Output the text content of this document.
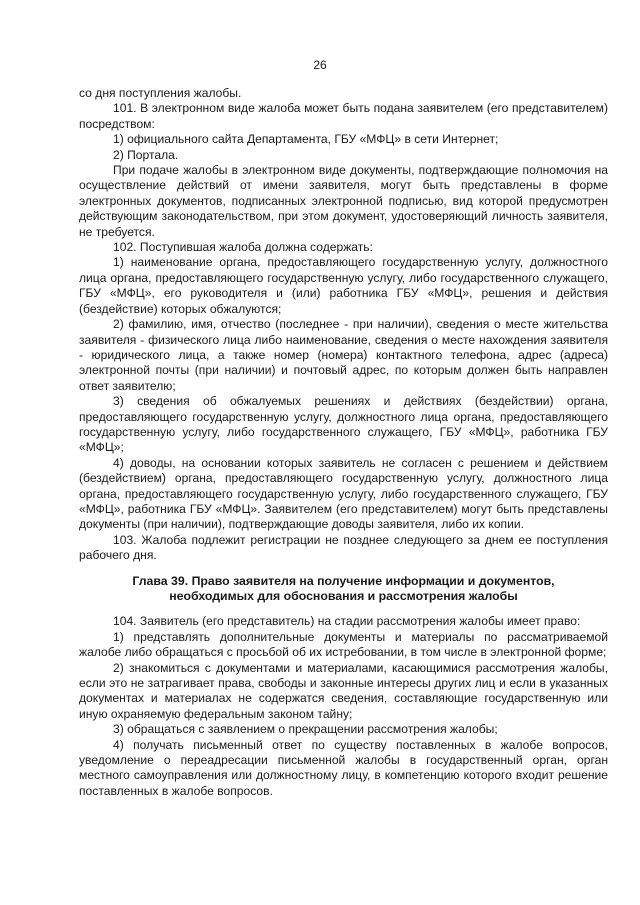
26

со дня поступления жалобы.

101. В электронном виде жалоба может быть подана заявителем (его представителем) посредством:

1) официального сайта Департамента, ГБУ «МФЦ» в сети Интернет;

2) Портала.

При подаче жалобы в электронном виде документы, подтверждающие полномочия на осуществление действий от имени заявителя, могут быть представлены в форме электронных документов, подписанных электронной подписью, вид которой предусмотрен действующим законодательством, при этом документ, удостоверяющий личность заявителя, не требуется.

102. Поступившая жалоба должна содержать:

1) наименование органа, предоставляющего государственную услугу, должностного лица органа, предоставляющего государственную услугу, либо государственного служащего, ГБУ «МФЦ», его руководителя и (или) работника ГБУ «МФЦ», решения и действия (бездействие) которых обжалуются;

2) фамилию, имя, отчество (последнее - при наличии), сведения о месте жительства заявителя - физического лица либо наименование, сведения о месте нахождения заявителя - юридического лица, а также номер (номера) контактного телефона, адрес (адреса) электронной почты (при наличии) и почтовый адрес, по которым должен быть направлен ответ заявителю;

3) сведения об обжалуемых решениях и действиях (бездействии) органа, предоставляющего государственную услугу, должностного лица органа, предоставляющего государственную услугу, либо государственного служащего, ГБУ «МФЦ», работника ГБУ «МФЦ»;

4) доводы, на основании которых заявитель не согласен с решением и действием (бездействием) органа, предоставляющего государственную услугу, должностного лица органа, предоставляющего государственную услугу, либо государственного служащего, ГБУ «МФЦ», работника ГБУ «МФЦ». Заявителем (его представителем) могут быть представлены документы (при наличии), подтверждающие доводы заявителя, либо их копии.

103. Жалоба подлежит регистрации не позднее следующего за днем ее поступления рабочего дня.

Глава 39. Право заявителя на получение информации и документов,
необходимых для обоснования и рассмотрения жалобы

104. Заявитель (его представитель) на стадии рассмотрения жалобы имеет право:

1) представлять дополнительные документы и материалы по рассматриваемой жалобе либо обращаться с просьбой об их истребовании, в том числе в электронной форме;

2) знакомиться с документами и материалами, касающимися рассмотрения жалобы, если это не затрагивает права, свободы и законные интересы других лиц и если в указанных документах и материалах не содержатся сведения, составляющие государственную или иную охраняемую федеральным законом тайну;

3) обращаться с заявлением о прекращении рассмотрения жалобы;

4) получать письменный ответ по существу поставленных в жалобе вопросов, уведомление о переадресации письменной жалобы в государственный орган, орган местного самоуправления или должностному лицу, в компетенцию которого входит решение поставленных в жалобе вопросов.
